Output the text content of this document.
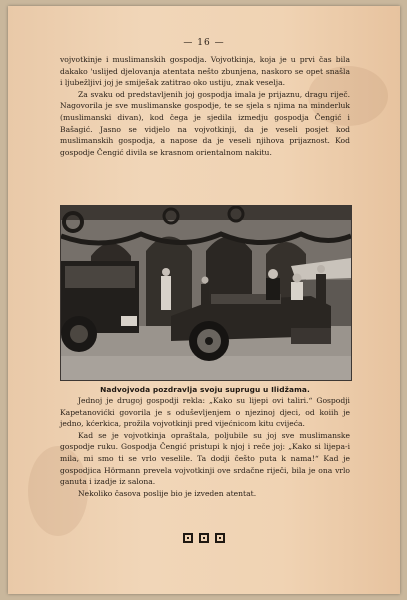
— 16 —

vojvotkinje i muslimanskih gospodja. Vojvotkinja, koja je u prvi čas bila dakako 'uslijed djelovanja atentata nešto zbunjena, naskoro se opet snašla i ljubežljivi joj je smiješak zatitrao oko ustiju, znak veselja.

Za svaku od predstavljenih joj gospodja imala je prijaznu, dragu riječ. Nagovorila je sve muslimanske gospodje, te se sjela s njima na minderluk (muslimanski divan), kod čega je sjedila izmedju gospodja Čengić i Bašagić. Jasno se vidjelo na vojvotkinji, da je veseli posjet kod muslimanskih gospodja, a napose da je veseli njihova prijaznost. Kod gospodje Čengić divila se krasnom orientalnom nakitu.

Nadvojvoda pozdravlja svoju suprugu u Ilidžama.

Jednoj je drugoj gospodji rekla: „Kako su lijepi ovi taliri.“ Gospodji Kapetanovićki govorila je s oduševljenjem o njezinoj djeci, od koiih je jedno, kćerkica, prožila vojvotkinji pred vijećnicom kitu cvijeća.

Kad se je vojvotkinja opraštala, poljubile su joj sve muslimanske gospodje ruku. Gospodja Čengić pristupi k njoj i reče joj: „Kako si lijepa-i mila, mi smo ti se vrlo veselile. Ta dodji češto puta k nama!“ Kad je gospodjica Hörmann prevela vojvotkinji ove srdačne riječi, bila je ona vrlo ganuta i izadje iz salona.

Nekoliko časova poslije bio je izveden atentat.
